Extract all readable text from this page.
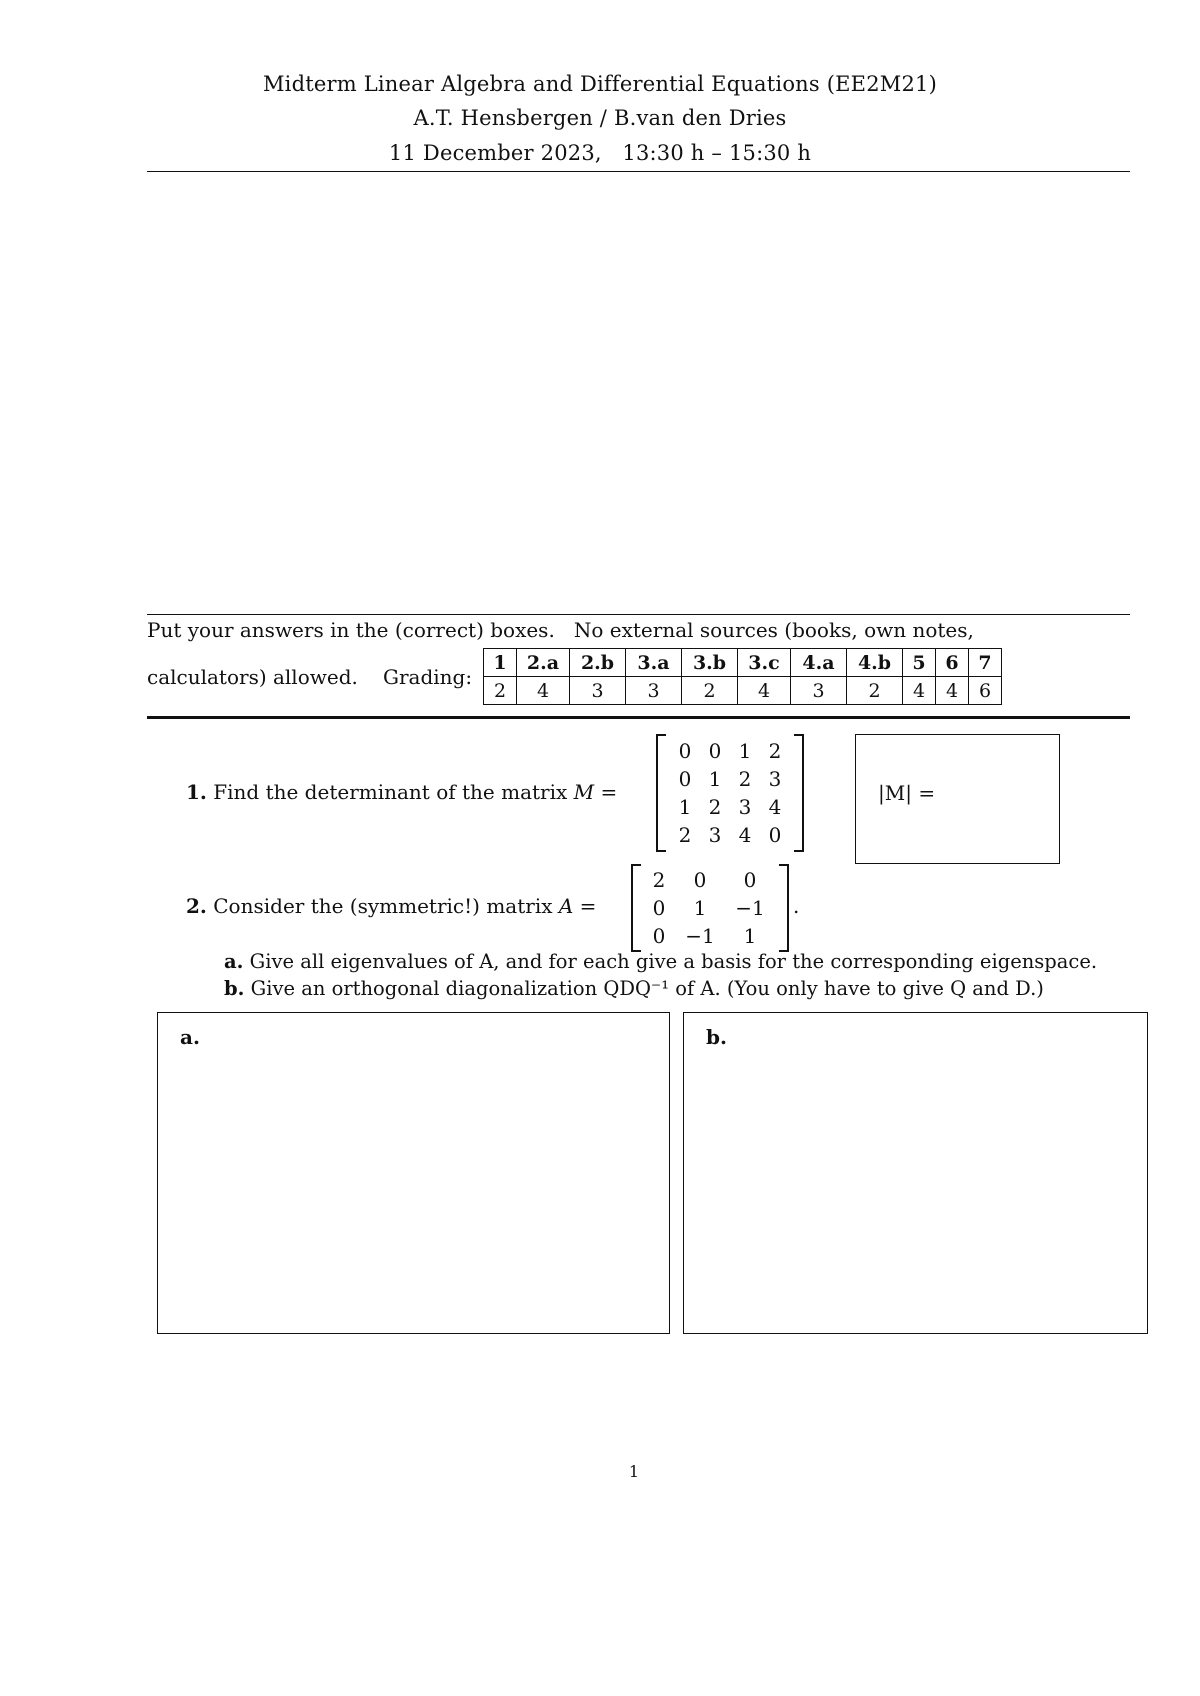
Midterm Linear Algebra and Differential Equations (EE2M21)
A.T. Hensbergen / B.van den Dries
11 December 2023,   13:30 h – 15:30 h
Put your answers in the (correct) boxes.   No external sources (books, own notes,
calculators) allowed. Grading:
1	2.a	2.b	3.a	3.b	3.c	4.a	4.b	5	6	7
2	4	3	3	2	4	3	2	4	4	6
1. Find the determinant of the matrix M =
0 0 1 2
0 1 2 3
1 2 3 4
2 3 4 0
|M| =
2. Consider the (symmetric!) matrix A =
2	0	0
0	1	−1
0 −1	1
.
a. Give all eigenvalues of A, and for each give a basis for the corresponding eigenspace.
b. Give an orthogonal diagonalization QDQ⁻¹ of A. (You only have to give Q and D.)
a.	b.
1
